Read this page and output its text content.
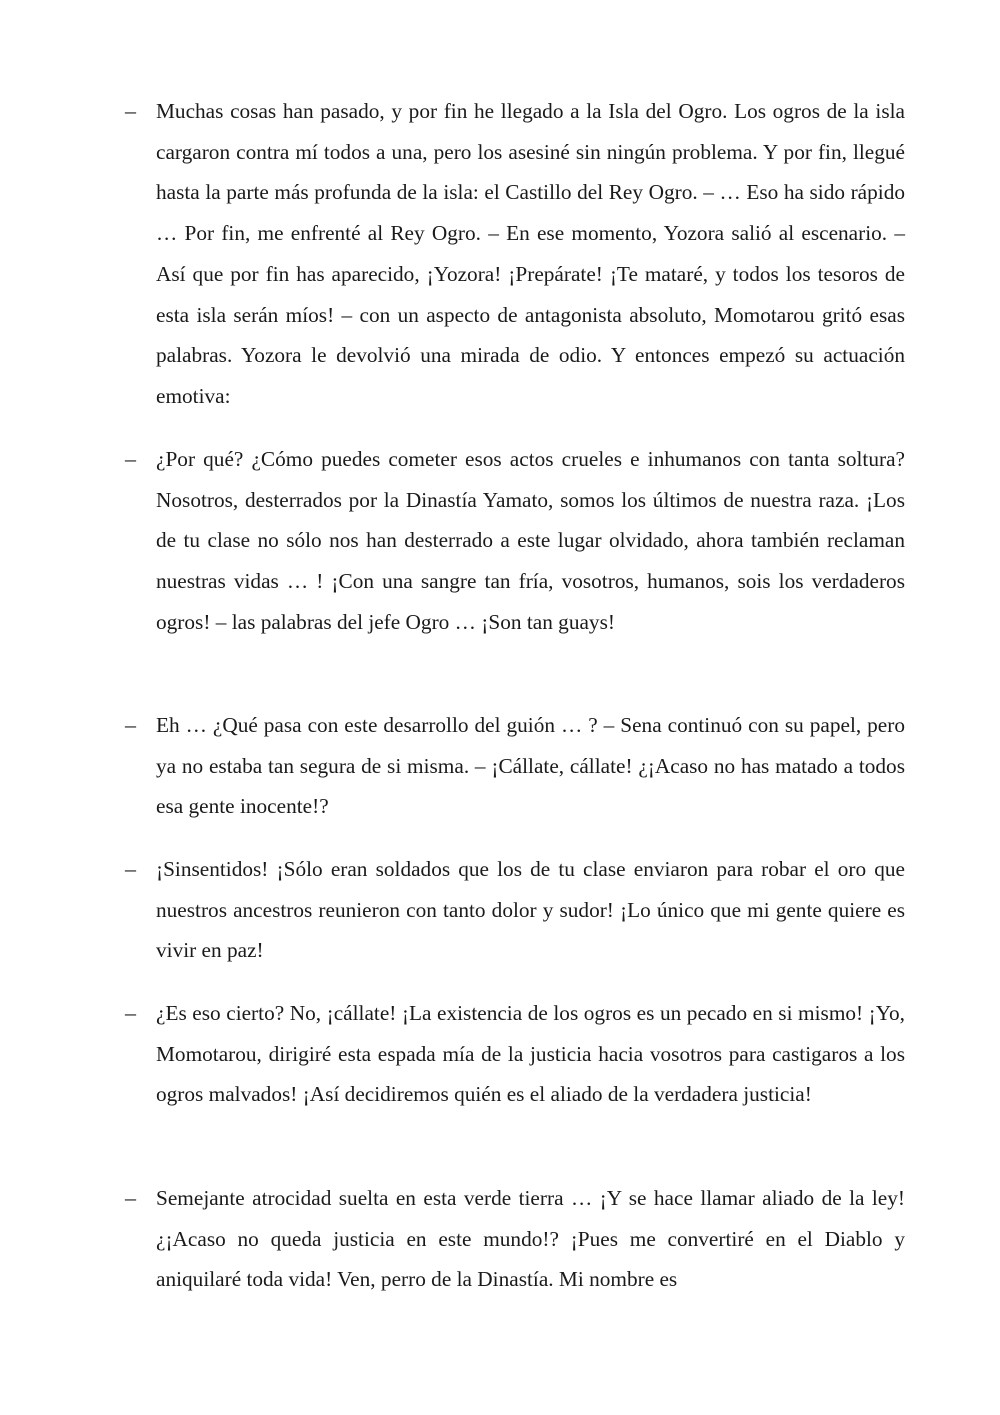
– Muchas cosas han pasado, y por fin he llegado a la Isla del Ogro. Los ogros de la isla cargaron contra mí todos a una, pero los asesiné sin ningún problema. Y por fin, llegué hasta la parte más profunda de la isla: el Castillo del Rey Ogro. – … Eso ha sido rápido … Por fin, me enfrenté al Rey Ogro. – En ese momento, Yozora salió al escenario. – Así que por fin has aparecido, ¡Yozora! ¡Prepárate! ¡Te mataré, y todos los tesoros de esta isla serán míos! – con un aspecto de antagonista absoluto, Momotarou gritó esas palabras. Yozora le devolvió una mirada de odio. Y entonces empezó su actuación emotiva:

– ¿Por qué? ¿Cómo puedes cometer esos actos crueles e inhumanos con tanta soltura? Nosotros, desterrados por la Dinastía Yamato, somos los últimos de nuestra raza. ¡Los de tu clase no sólo nos han desterrado a este lugar olvidado, ahora también reclaman nuestras vidas … ! ¡Con una sangre tan fría, vosotros, humanos, sois los verdaderos ogros! – las palabras del jefe Ogro … ¡Son tan guays!

– Eh … ¿Qué pasa con este desarrollo del guión … ? – Sena continuó con su papel, pero ya no estaba tan segura de si misma. – ¡Cállate, cállate! ¿¡Acaso no has matado a todos esa gente inocente!?

– ¡Sinsentidos! ¡Sólo eran soldados que los de tu clase enviaron para robar el oro que nuestros ancestros reunieron con tanto dolor y sudor! ¡Lo único que mi gente quiere es vivir en paz!

– ¿Es eso cierto? No, ¡cállate! ¡La existencia de los ogros es un pecado en si mismo! ¡Yo, Momotarou, dirigiré esta espada mía de la justicia hacia vosotros para castigaros a los ogros malvados! ¡Así decidiremos quién es el aliado de la verdadera justicia!

– Semejante atrocidad suelta en esta verde tierra … ¡Y se hace llamar aliado de la ley! ¿¡Acaso no queda justicia en este mundo!? ¡Pues me convertiré en el Diablo y aniquilaré toda vida! Ven, perro de la Dinastía. Mi nombre es
